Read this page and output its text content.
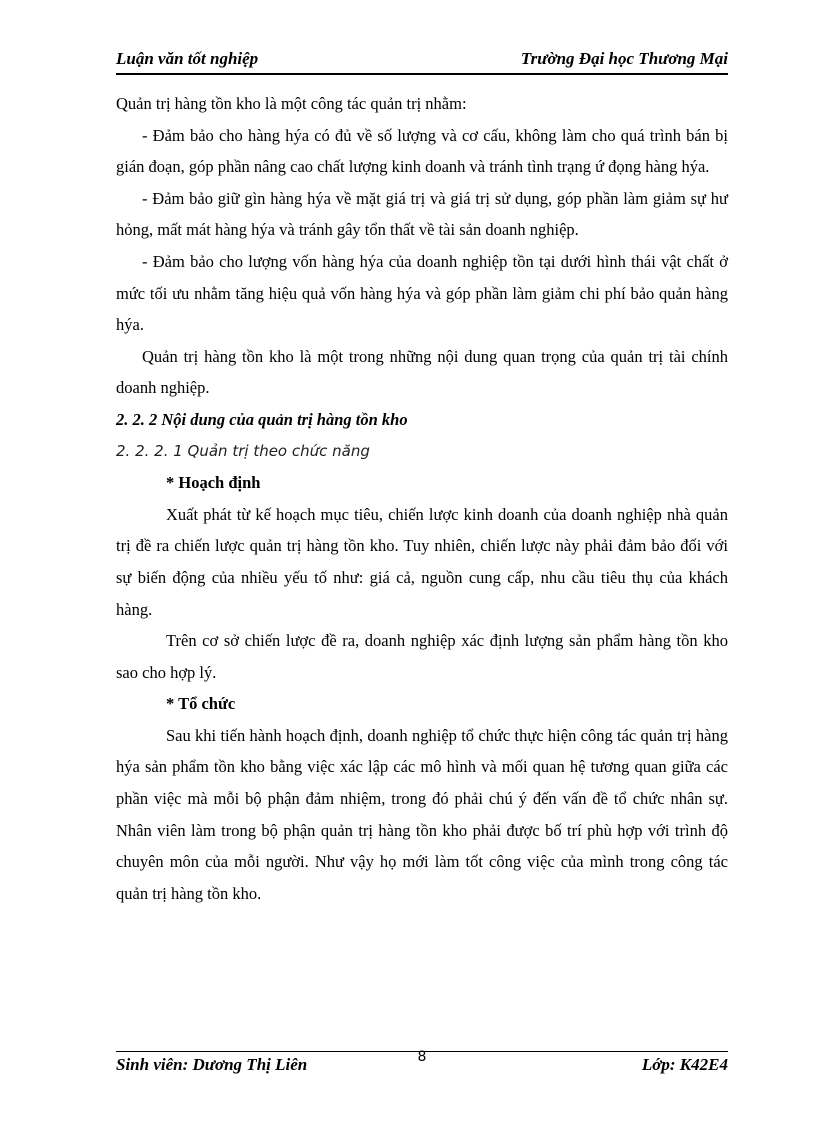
Luận văn tốt nghiệp	Trường Đại học Thương Mại

Quản trị hàng tồn kho là một công tác quản trị nhằm:

- Đảm bảo cho hàng hýa có đủ về số lượng và cơ cấu, không làm cho quá trình bán bị gián đoạn, góp phần nâng cao chất lượng kinh doanh và tránh tình trạng ứ đọng hàng hýa.

- Đảm bảo giữ gìn hàng hýa về mặt giá trị và giá trị sử dụng, góp phần làm giảm sự hư hỏng, mất mát hàng hýa và tránh gây tổn thất về tài sản doanh nghiệp.

- Đảm bảo cho lượng vốn hàng hýa của doanh nghiệp tồn tại dưới hình thái vật chất ở mức tối ưu nhằm tăng hiệu quả vốn hàng hýa và góp phần làm giảm chi phí bảo quản hàng hýa.

Quản trị hàng tồn kho là một trong những nội dung quan trọng của quản trị tài chính doanh nghiệp.

2. 2. 2 Nội dung của quản trị hàng tồn kho

2. 2. 2. 1 Quản trị theo chức năng

* Hoạch định

Xuất phát từ kế hoạch mục tiêu, chiến lược kinh doanh của doanh nghiệp nhà quản trị đề ra chiến lược quản trị hàng tồn kho. Tuy nhiên, chiến lược này phải đảm bảo đối với sự biến động của nhiều yếu tố như: giá cả, nguồn cung cấp, nhu cầu tiêu thụ của khách hàng.

Trên cơ sở chiến lược đề ra, doanh nghiệp xác định lượng sản phẩm hàng tồn kho sao cho hợp lý.

* Tổ chức

Sau khi tiến hành hoạch định, doanh nghiệp tổ chức thực hiện công tác quản trị hàng hýa sản phẩm tồn kho bằng việc xác lập các mô hình và mối quan hệ tương quan giữa các phần việc mà mỗi bộ phận đảm nhiệm, trong đó phải chú ý đến vấn đề tổ chức nhân sự. Nhân viên làm trong bộ phận quản trị hàng tồn kho phải được bố trí phù hợp với trình độ chuyên môn của mỗi người. Như vậy họ mới làm tốt công việc của mình trong công tác quản trị hàng tồn kho.

Sinh viên: Dương Thị Liên	8	Lớp: K42E4
